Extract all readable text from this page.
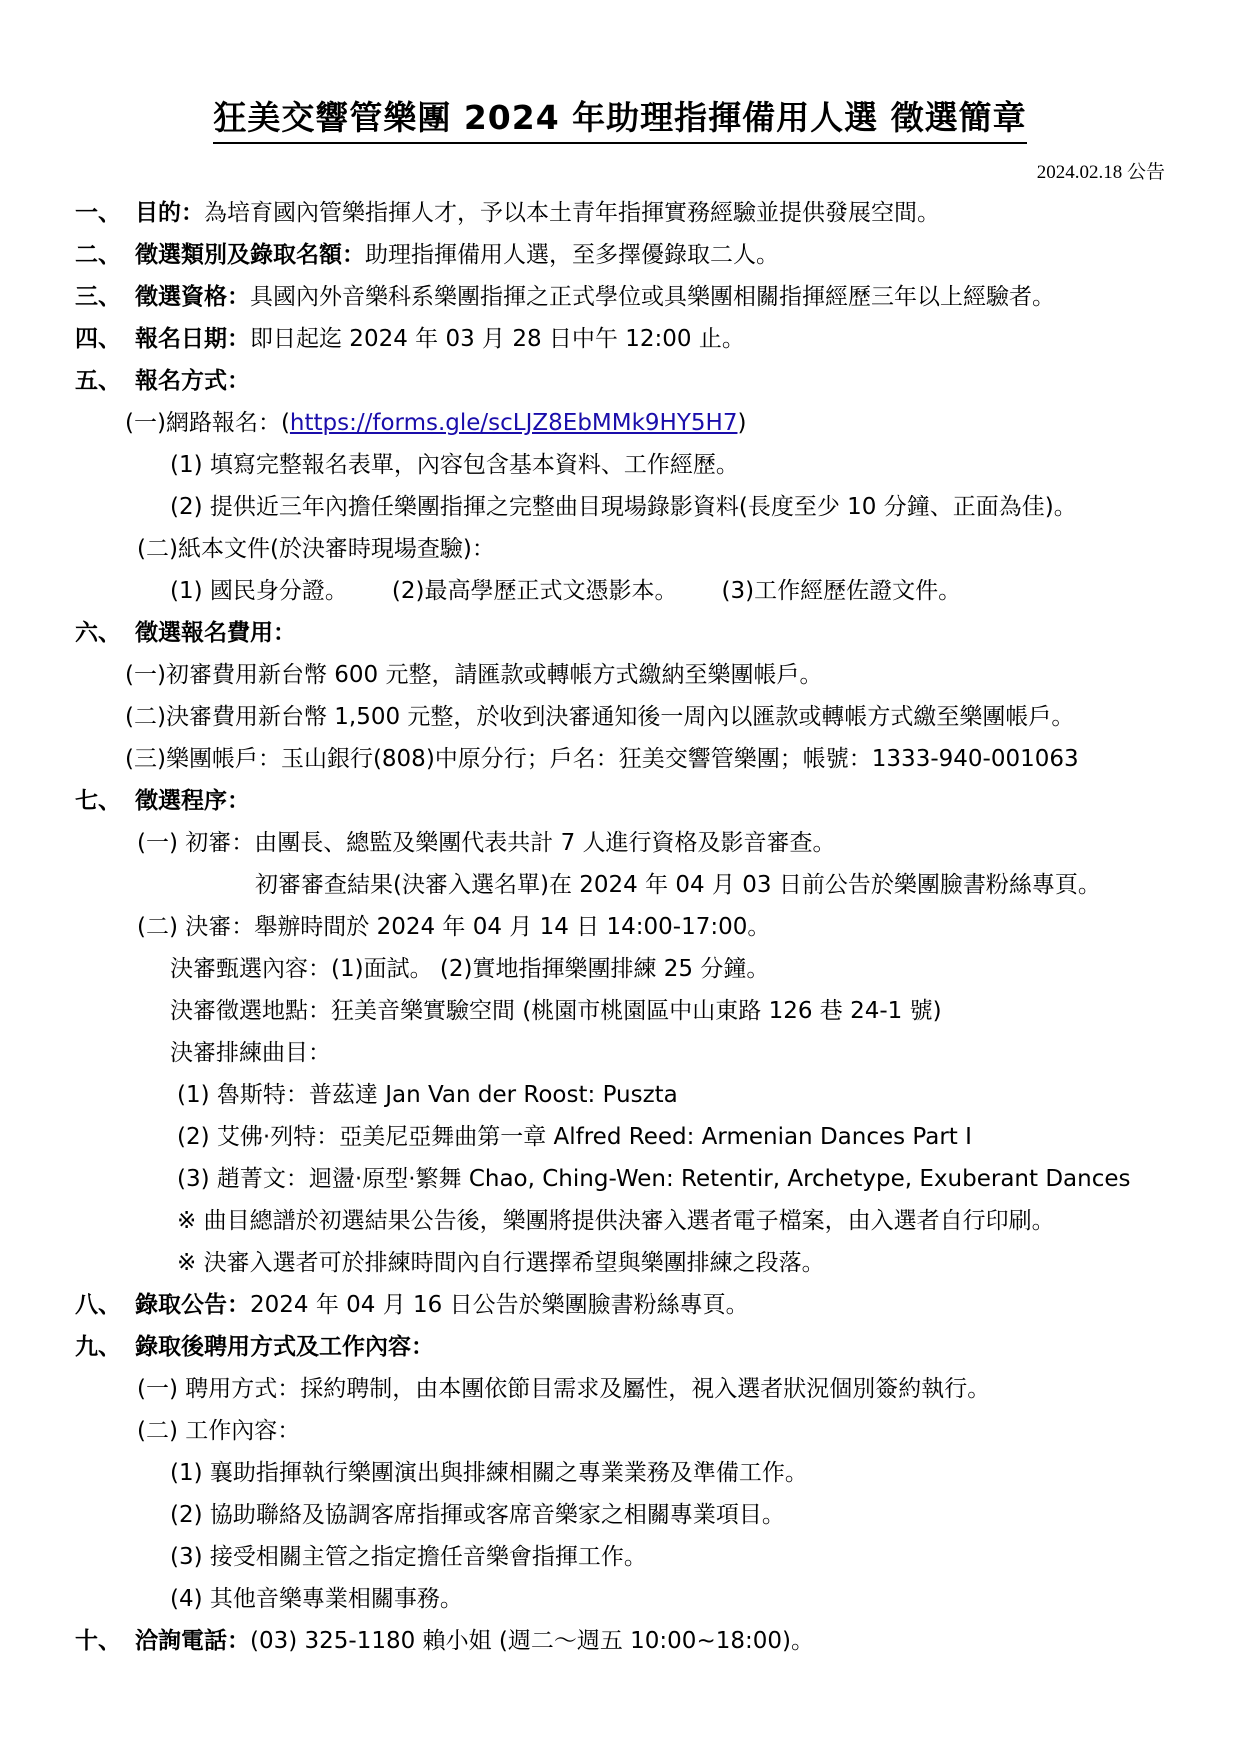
狂美交響管樂團 2024 年助理指揮備用人選 徵選簡章
2024.02.18 公告
一、 目的：為培育國內管樂指揮人才，予以本土青年指揮實務經驗並提供發展空間。
二、 徵選類別及錄取名額：助理指揮備用人選，至多擇優錄取二人。
三、 徵選資格：具國內外音樂科系樂團指揮之正式學位或具樂團相關指揮經歷三年以上經驗者。
四、 報名日期：即日起迄 2024 年 03 月 28 日中午 12:00 止。
五、 報名方式：
(一)網路報名：(https://forms.gle/scLJZ8EbMMk9HY5H7)
(1) 填寫完整報名表單，內容包含基本資料、工作經歷。
(2) 提供近三年內擔任樂團指揮之完整曲目現場錄影資料(長度至少 10 分鐘、正面為佳)。
(二)紙本文件(於決審時現場查驗)：
(1) 國民身分證。 (2)最高學歷正式文憑影本。 (3)工作經歷佐證文件。
六、 徵選報名費用：
(一)初審費用新台幣 600 元整，請匯款或轉帳方式繳納至樂團帳戶。
(二)決審費用新台幣 1,500 元整，於收到決審通知後一周內以匯款或轉帳方式繳至樂團帳戶。
(三)樂團帳戶：玉山銀行(808)中原分行；戶名：狂美交響管樂團；帳號：1333-940-001063
七、 徵選程序：
(一) 初審：由團長、總監及樂團代表共計 7 人進行資格及影音審查。
初審審查結果(決審入選名單)在 2024 年 04 月 03 日前公告於樂團臉書粉絲專頁。
(二) 決審：舉辦時間於 2024 年 04 月 14 日 14:00-17:00。
決審甄選內容：(1)面試。 (2)實地指揮樂團排練 25 分鐘。
決審徵選地點：狂美音樂實驗空間 (桃園市桃園區中山東路 126 巷 24-1 號)
決審排練曲目：
(1) 魯斯特：普茲達 Jan Van der Roost: Puszta
(2) 艾佛·列特：亞美尼亞舞曲第一章 Alfred Reed: Armenian Dances Part I
(3) 趙菁文：迴盪·原型·繁舞 Chao, Ching-Wen: Retentir, Archetype, Exuberant Dances
※ 曲目總譜於初選結果公告後，樂團將提供決審入選者電子檔案，由入選者自行印刷。
※ 決審入選者可於排練時間內自行選擇希望與樂團排練之段落。
八、 錄取公告：2024 年 04 月 16 日公告於樂團臉書粉絲專頁。
九、 錄取後聘用方式及工作內容：
(一) 聘用方式：採約聘制，由本團依節目需求及屬性，視入選者狀況個別簽約執行。
(二) 工作內容：
(1) 襄助指揮執行樂團演出與排練相關之專業業務及準備工作。
(2) 協助聯絡及協調客席指揮或客席音樂家之相關專業項目。
(3) 接受相關主管之指定擔任音樂會指揮工作。
(4) 其他音樂專業相關事務。
十、 洽詢電話：(03) 325-1180 賴小姐 (週二～週五 10:00~18:00)。
